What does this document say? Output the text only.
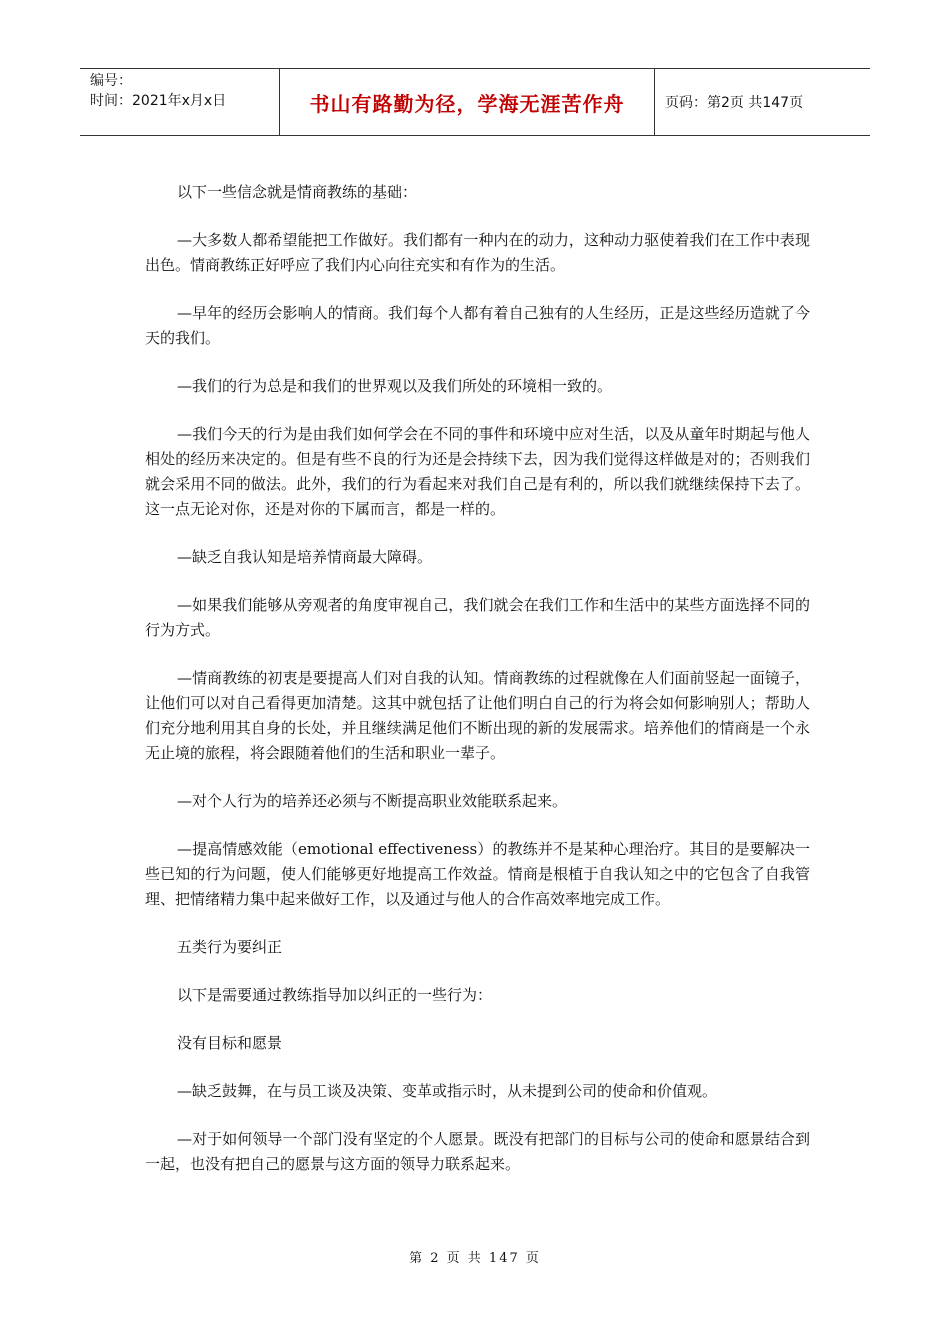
编号：
时间：2021年x月x日	书山有路勤为径，学海无涯苦作舟	页码：第2页 共147页

以下一些信念就是情商教练的基础：

—大多数人都希望能把工作做好。我们都有一种内在的动力，这种动力驱使着我们在工作中表现出色。情商教练正好呼应了我们内心向往充实和有作为的生活。

—早年的经历会影响人的情商。我们每个人都有着自己独有的人生经历，正是这些经历造就了今天的我们。

—我们的行为总是和我们的世界观以及我们所处的环境相一致的。

—我们今天的行为是由我们如何学会在不同的事件和环境中应对生活，以及从童年时期起与他人相处的经历来决定的。但是有些不良的行为还是会持续下去，因为我们觉得这样做是对的；否则我们就会采用不同的做法。此外，我们的行为看起来对我们自己是有利的，所以我们就继续保持下去了。这一点无论对你，还是对你的下属而言，都是一样的。

—缺乏自我认知是培养情商最大障碍。

—如果我们能够从旁观者的角度审视自己，我们就会在我们工作和生活中的某些方面选择不同的行为方式。

—情商教练的初衷是要提高人们对自我的认知。情商教练的过程就像在人们面前竖起一面镜子，让他们可以对自己看得更加清楚。这其中就包括了让他们明白自己的行为将会如何影响别人；帮助人们充分地利用其自身的长处，并且继续满足他们不断出现的新的发展需求。培养他们的情商是一个永无止境的旅程，将会跟随着他们的生活和职业一辈子。

—对个人行为的培养还必须与不断提高职业效能联系起来。

—提高情感效能（emotional effectiveness）的教练并不是某种心理治疗。其目的是要解决一些已知的行为问题，使人们能够更好地提高工作效益。情商是根植于自我认知之中的它包含了自我管理、把情绪精力集中起来做好工作，以及通过与他人的合作高效率地完成工作。

五类行为要纠正

以下是需要通过教练指导加以纠正的一些行为：

没有目标和愿景

—缺乏鼓舞，在与员工谈及决策、变革或指示时，从未提到公司的使命和价值观。

—对于如何领导一个部门没有坚定的个人愿景。既没有把部门的目标与公司的使命和愿景结合到一起，也没有把自己的愿景与这方面的领导力联系起来。

第 2 页 共 147 页
